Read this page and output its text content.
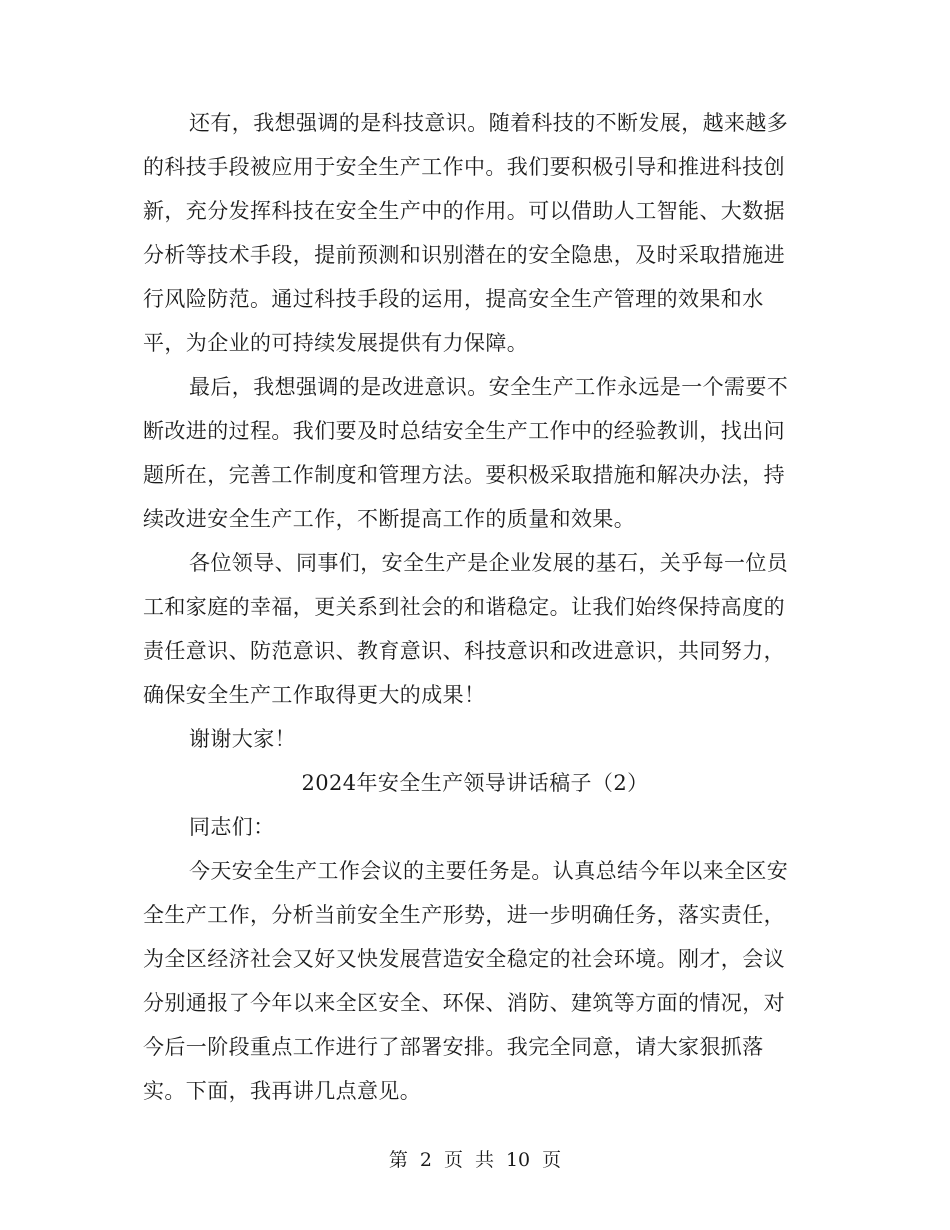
还有，我想强调的是科技意识。随着科技的不断发展，越来越多
的科技手段被应用于安全生产工作中。我们要积极引导和推进科技创
新，充分发挥科技在安全生产中的作用。可以借助人工智能、大数据
分析等技术手段，提前预测和识别潜在的安全隐患，及时采取措施进
行风险防范。通过科技手段的运用，提高安全生产管理的效果和水
平，为企业的可持续发展提供有力保障。
最后，我想强调的是改进意识。安全生产工作永远是一个需要不
断改进的过程。我们要及时总结安全生产工作中的经验教训，找出问
题所在，完善工作制度和管理方法。要积极采取措施和解决办法，持
续改进安全生产工作，不断提高工作的质量和效果。
各位领导、同事们，安全生产是企业发展的基石，关乎每一位员
工和家庭的幸福，更关系到社会的和谐稳定。让我们始终保持高度的
责任意识、防范意识、教育意识、科技意识和改进意识，共同努力，
确保安全生产工作取得更大的成果！
谢谢大家！
2024年安全生产领导讲话稿子（2）
同志们：
今天安全生产工作会议的主要任务是。认真总结今年以来全区安
全生产工作，分析当前安全生产形势，进一步明确任务，落实责任，
为全区经济社会又好又快发展营造安全稳定的社会环境。刚才，会议
分别通报了今年以来全区安全、环保、消防、建筑等方面的情况，对
今后一阶段重点工作进行了部署安排。我完全同意，请大家狠抓落
实。下面，我再讲几点意见。
第 2 页 共 10 页
